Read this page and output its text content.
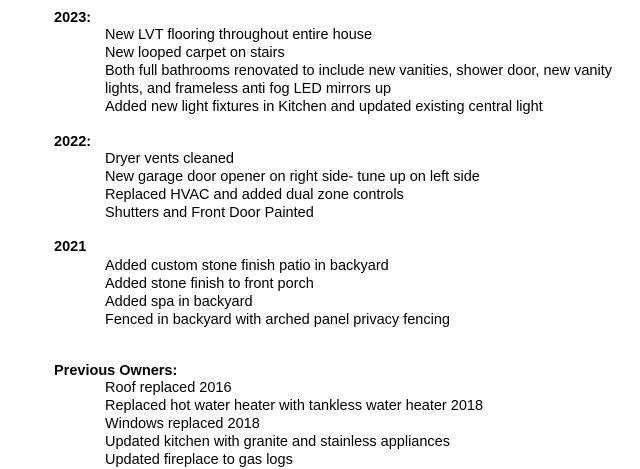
2023:
New LVT flooring throughout entire house
New looped carpet on stairs
Both full bathrooms renovated to include new vanities, shower door, new vanity lights, and frameless anti fog LED mirrors up
Added new light fixtures in Kitchen and updated existing central light
2022:
Dryer vents cleaned
New garage door opener on right side- tune up on left side
Replaced HVAC and added dual zone controls
Shutters and Front Door Painted
2021
Added custom stone finish patio in backyard
Added stone finish to front porch
Added spa in backyard
Fenced in backyard with arched panel privacy fencing
Previous Owners:
Roof replaced 2016
Replaced hot water heater with tankless water heater 2018
Windows replaced 2018
Updated kitchen with granite and stainless appliances
Updated fireplace to gas logs
